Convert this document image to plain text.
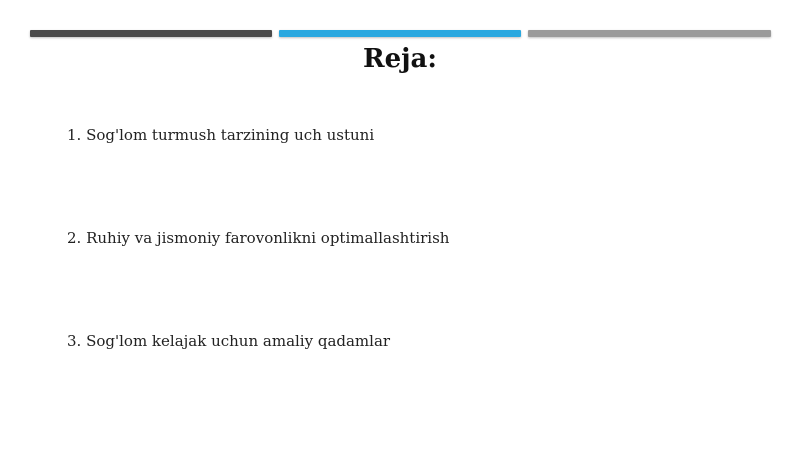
Reja:
1. Sog'lom turmush tarzining uch ustuni
2. Ruhiy va jismoniy farovonlikni optimallashtirish
3. Sog'lom kelajak uchun amaliy qadamlar
